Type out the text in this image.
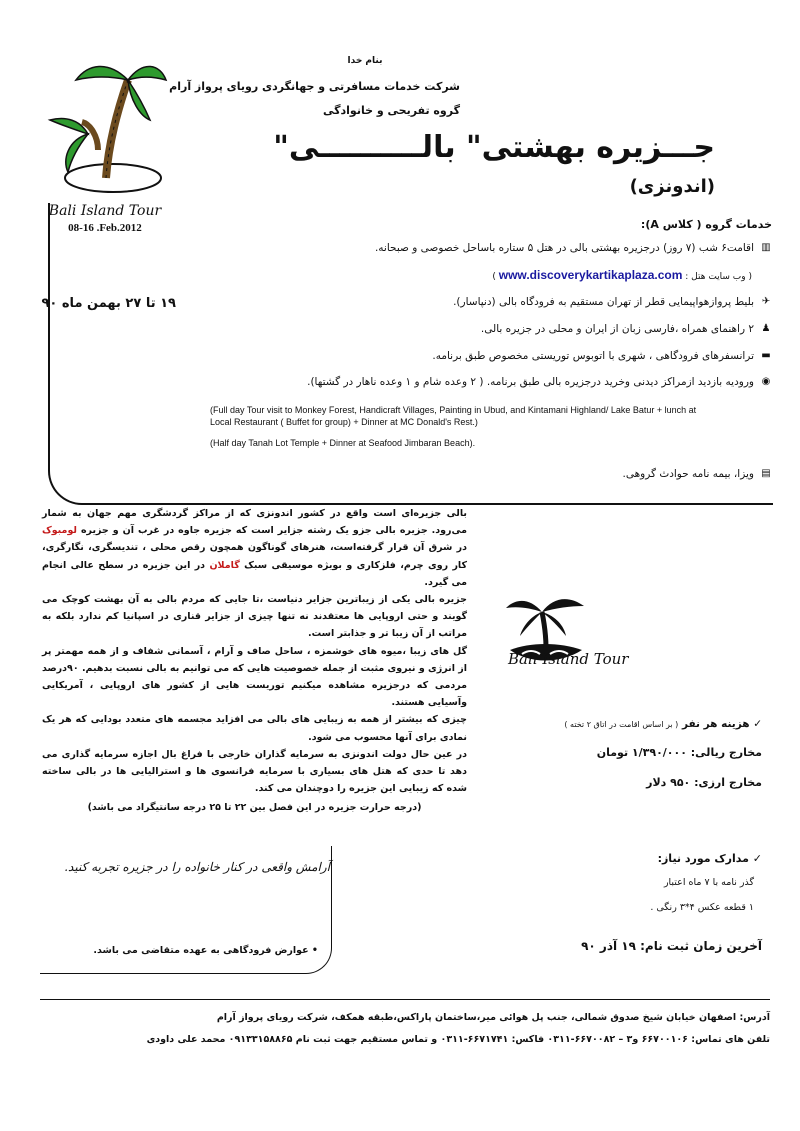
بنام خدا
شرکت خدمات مسافرتی و جهانگردی رویای پرواز آرام
گروه تفریحی و خانوادگی
جـــزیره بهشتی" بالــــــــــی" (اندونزی)
Bali Island Tour
08-16 .Feb.2012
۱۹ تا ۲۷ بهمن ماه ۹۰
خدمات گروه ( کلاس A):
▥
اقامت۶ شب (۷ روز) درجزیره بهشتی بالی در هتل ۵ ستاره باساحل خصوصی و صبحانه.
( وب سایت هتل : www.discoverykartikaplaza.com )
✈
بلیط پروازهواپیمایی قطر از تهران مستقیم به فرودگاه بالی (دنپاسار).
♟
۲ راهنمای همراه ،فارسی زبان از ایران و محلی در جزیره بالی.
▬
ترانسفرهای فرودگاهی ، شهری با اتوبوس توریستی مخصوص طبق برنامه.
◉
ورودیه بازدید ازمراکز دیدنی وخرید درجزیره بالی طبق برنامه. ( ۲ وعده شام و ۱ وعده ناهار در گشتها).
(Full day Tour visit to Monkey Forest, Handicraft Villages, Painting in Ubud, and Kintamani Highland/ Lake Batur + lunch at Local Restaurant ( Buffet for group) + Dinner at MC Donald's Rest.)
(Half day Tanah Lot Temple + Dinner at Seafood Jimbaran Beach).
▤
ویزا، بیمه نامه حوادث گروهی.

بالی جزیره‌ای است واقع در کشور اندونزی که از مراکز گردشگری مهم جهان به شمار می‌رود. جزیره بالی جزو یک رشته جزایر است که جزیره جاوه در غرب آن و جزیره لومبوک در شرق آن قرار گرفته‌است، هنرهای گوناگون همچون رقص محلی ، تندیسگری، نگارگری، کار روی چرم، فلزکاری و بویژه موسیقی سبک گاملان در این جزیره در سطح عالی انجام می گیرد.

جزیره بالی یکی از زیباترین جزایر دنیاست ،تا جایی که مردم بالی به آن بهشت کوچک می گویند و حتی اروپایی ها معتقدند نه تنها چیزی از جزایر قناری در اسپانیا کم ندارد بلکه به مراتب از آن زیبا تر و جذابتر است.

گل های زیبا ،میوه های خوشمزه ، ساحل صاف و آرام ، آسمانی شفاف و از همه مهمتر پر از انرژی و نیروی مثبت از جمله خصوصیت هایی که می توانیم به بالی نسبت بدهیم. ۹۰درصد مردمی که درجزیره مشاهده میکنیم توریست هایی از کشور های اروپایی ، آمریکایی وآسیایی هستند.

چیزی که بیشتر از همه به زیبایی های بالی می افزاید مجسمه های متعدد بودایی که هر یک نمادی برای آنها محسوب می شود.

در عین حال دولت اندونزی به سرمایه گذاران خارجی با فراغ بال اجازه سرمایه گذاری می دهد تا حدی که هتل های بسیاری با سرمایه فرانسوی ها و استرالیایی ها در بالی ساخته شده که زیبایی این جزیره را دوچندان می کند.

(درجه حرارت جزیره در این فصل بین ۲۲ تا ۲۵ درجه سانتیگراد می باشد)
Bali Island Tour
✓ هزینه هر نفر ( بر اساس اقامت در اتاق ۲ تخته )
مخارج ریالی: ۱/۳۹۰/۰۰۰ تومان
مخارج ارزی: ۹۵۰ دلار
✓ مدارک مورد نیاز:
گذر نامه با ۷ ماه اعتبار
۱ قطعه عکس ۴*۳ رنگی .
آخرین زمان ثبت نام: ۱۹ آذر ۹۰
آرامش واقعی در کنار خانواده را در جزیره تجربه کنید.
• عوارض فرودگاهی به عهده متقاضی می باشد.
آدرس: اصفهان خیابان شیخ صدوق شمالی، جنب پل هوائی میر،ساختمان پاراکس،طبقه همکف، شرکت رویای پرواز آرام
تلفن های تماس: ۶۶۷۰۰۱۰۶ و۳ – ۶۶۷۰۰۸۲-۰۳۱۱ فاکس: ۶۶۷۱۷۴۱-۰۳۱۱ و تماس مستقیم جهت ثبت نام ۰۹۱۳۳۱۵۸۸۶۵ محمد علی داودی
